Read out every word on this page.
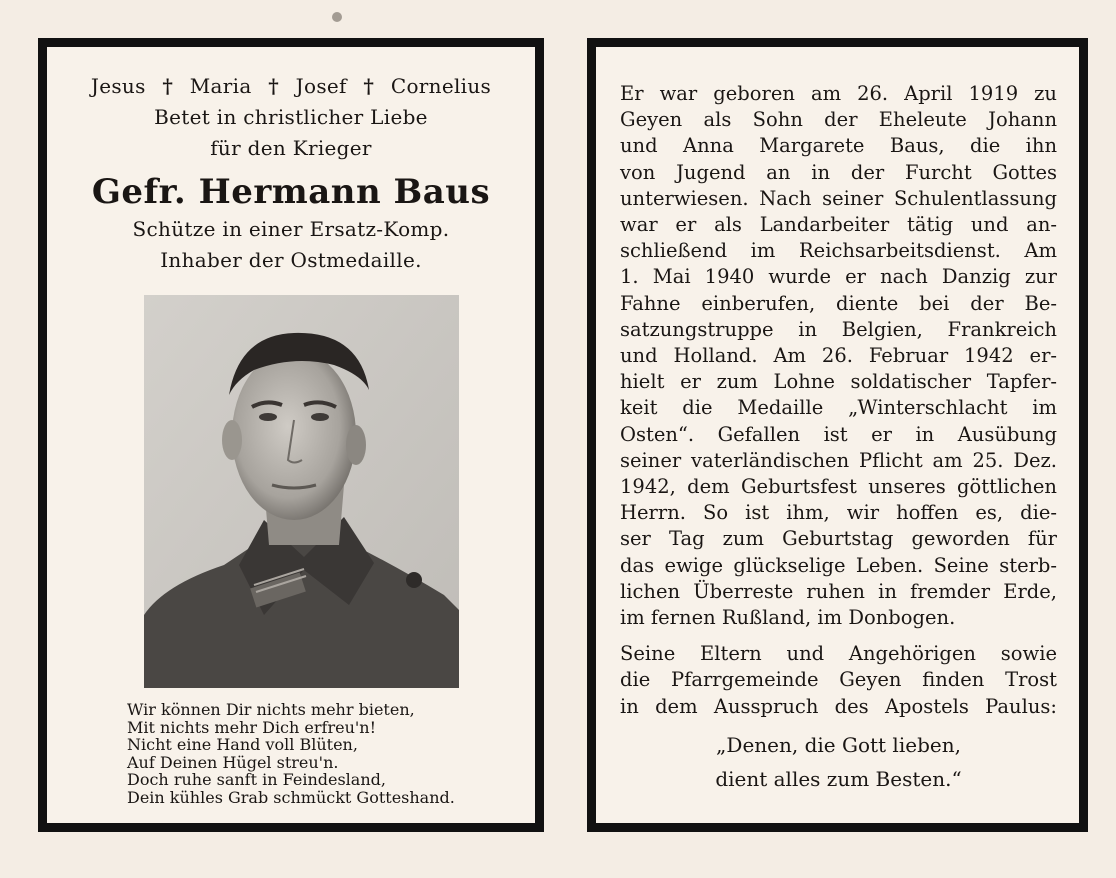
Jesus † Maria † Josef † Cornelius

Betet in christlicher Liebe

für den Krieger

Gefr. Hermann Baus

Schütze in einer Ersatz-Komp.

Inhaber der Ostmedaille.

Wir können Dir nichts mehr bieten,
Mit nichts mehr Dich erfreu'n!
Nicht eine Hand voll Blüten,
Auf Deinen Hügel streu'n.
Doch ruhe sanft in Feindesland,
Dein kühles Grab schmückt Gotteshand.
Er war geboren am 26. April 1919 zu
Geyen als Sohn der Eheleute Johann
und Anna Margarete Baus, die ihn
von Jugend an in der Furcht Gottes
unterwiesen. Nach seiner Schulentlassung
war er als Landarbeiter tätig und an-
schließend im Reichsarbeitsdienst. Am
1. Mai 1940 wurde er nach Danzig zur
Fahne einberufen, diente bei der Be-
satzungstruppe in Belgien, Frankreich
und Holland. Am 26. Februar 1942 er-
hielt er zum Lohne soldatischer Tapfer-
keit die Medaille „Winterschlacht im
Osten“. Gefallen ist er in Ausübung
seiner vaterländischen Pflicht am 25. Dez.
1942, dem Geburtsfest unseres göttlichen
Herrn. So ist ihm, wir hoffen es, die-
ser Tag zum Geburtstag geworden für
das ewige glückselige Leben. Seine sterb-
lichen Überreste ruhen in fremder Erde,
im fernen Rußland, im Donbogen.
Seine Eltern und Angehörigen sowie
die Pfarrgemeinde Geyen finden Trost
in dem Ausspruch des Apostels Paulus:
„Denen, die Gott lieben,
dient alles zum Besten.“
